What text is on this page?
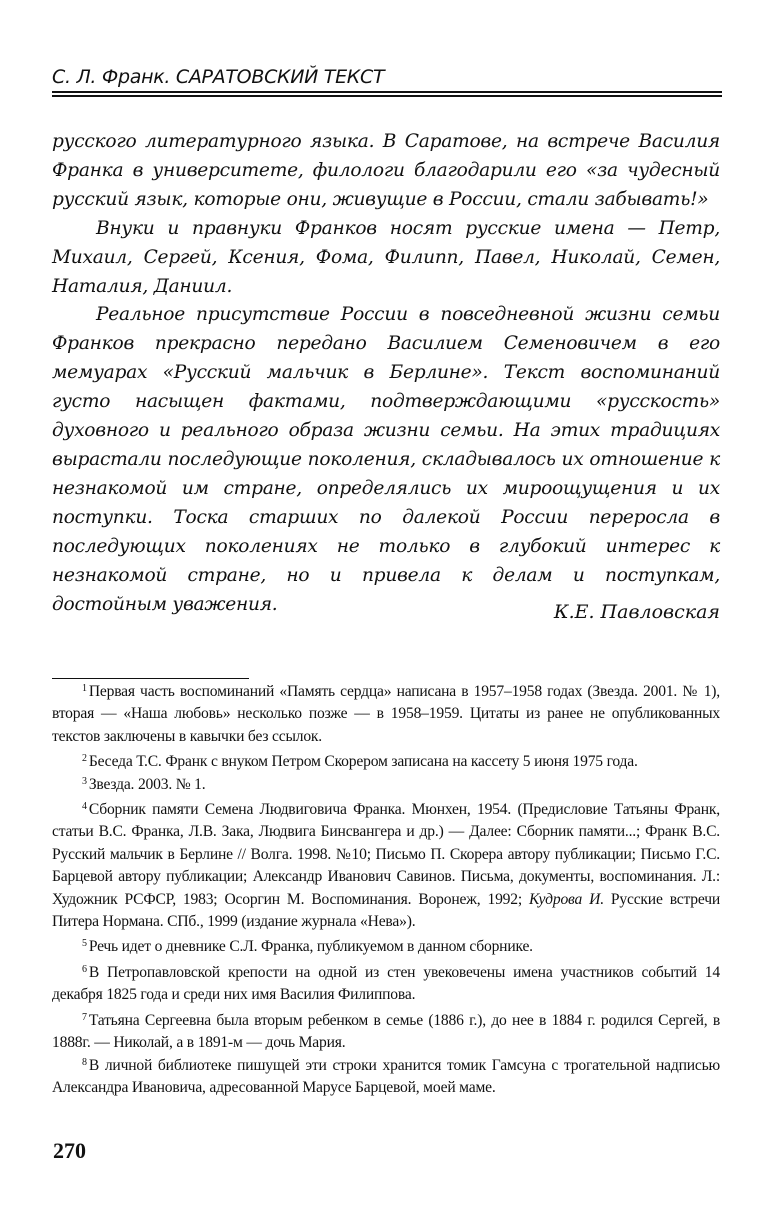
С. Л. Франк. САРАТОВСКИЙ ТЕКСТ

русского литературного языка. В Саратове, на встрече Василия Франка в университете, филологи благодарили его «за чудесный русский язык, которые они, живущие в России, стали забывать!»

Внуки и правнуки Франков носят русские имена — Петр, Михаил, Сергей, Ксения, Фома, Филипп, Павел, Николай, Семен, Наталия, Даниил.

Реальное присутствие России в повседневной жизни семьи Франков прекрасно передано Василием Семеновичем в его мемуарах «Русский мальчик в Берлине». Текст воспоминаний густо насыщен фактами, подтверждающими «русскость» духовного и реального образа жизни семьи. На этих традициях вырастали последующие поколения, складывалось их отношение к незнакомой им стране, определялись их мироощущения и их поступки. Тоска старших по далекой России переросла в последующих поколениях не только в глубокий интерес к незнакомой стране, но и привела к делам и поступкам, достойным уважения.	К.Е. Павловская

$^1$ Первая часть воспоминаний «Память сердца» написана в 1957–1958 годах (Звезда. 2001. № 1), вторая — «Наша любовь» несколько позже — в 1958–1959. Цитаты из ранее не опубликованных текстов заключены в кавычки без ссылок.

$^2$ Беседа Т.С. Франк с внуком Петром Скорером записана на кассету 5 июня 1975 года.

$^3$ Звезда. 2003. № 1.

$^4$ Сборник памяти Семена Людвиговича Франка. Мюнхен, 1954. (Предисловие Татьяны Франк, статьи В.С. Франка, Л.В. Зака, Людвига Бинсвангера и др.) — Далее: Сборник памяти...; Франк В.С. Русский мальчик в Берлине // Волга. 1998. №10; Письмо П. Скорера автору публикации; Письмо Г.С. Барцевой автору публикации; Александр Иванович Савинов. Письма, документы, воспоминания. Л.: Художник РСФСР, 1983; Осоргин М. Воспоминания. Воронеж, 1992; Кудрова И. Русские встречи Питера Нормана. СПб., 1999 (издание журнала «Нева»).

$^5$ Речь идет о дневнике С.Л. Франка, публикуемом в данном сборнике.

$^6$ В Петропавловской крепости на одной из стен увековечены имена участников событий 14 декабря 1825 года и среди них имя Василия Филиппова.

$^7$ Татьяна Сергеевна была вторым ребенком в семье (1886 г.), до нее в 1884 г. родился Сергей, в 1888г. — Николай, а в 1891-м — дочь Мария.

$^8$ В личной библиотеке пишущей эти строки хранится томик Гамсуна с трогательной надписью Александра Ивановича, адресованной Марусе Барцевой, моей маме.

270
